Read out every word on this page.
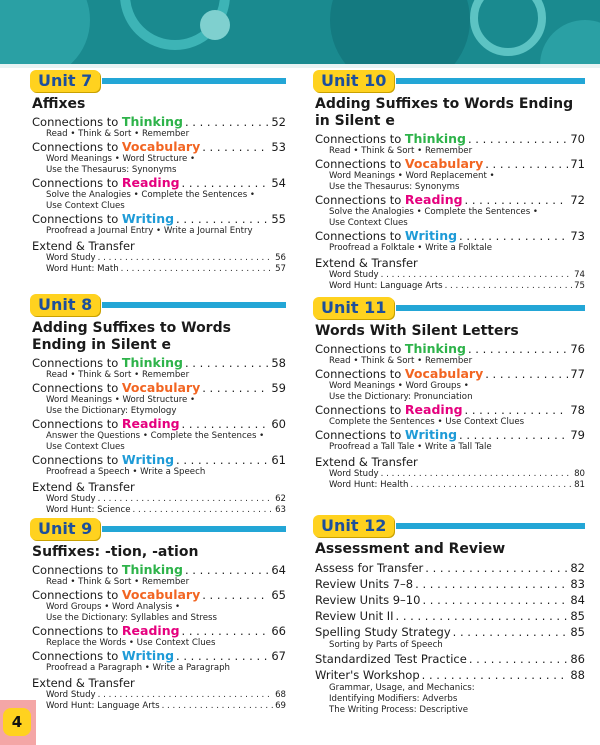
Unit 7
Affixes
Connections to Thinking . . .	52
Read • Think & Sort • Remember
Connections to Vocabulary . . .	53
Word Meanings • Word Structure •
Use the Thesaurus: Synonyms
Connections to Reading . . .	54
Solve the Analogies • Complete the Sentences •
Use Context Clues
Connections to Writing . . .	55
Proofread a Journal Entry • Write a Journal Entry
Extend & Transfer
Word Study . . .	56
Word Hunt: Math . . .	57
Unit 8
Adding Suffixes to Words Ending in Silent e
Connections to Thinking . . .	58
Read • Think & Sort • Remember
Connections to Vocabulary . . .	59
Word Meanings • Word Structure •
Use the Dictionary: Etymology
Connections to Reading . . .	60
Answer the Questions • Complete the Sentences •
Use Context Clues
Connections to Writing . . .	61
Proofread a Speech • Write a Speech
Extend & Transfer
Word Study . . .	62
Word Hunt: Science . . .	63
Unit 9
Suffixes: -tion, -ation
Connections to Thinking . . .	64
Read • Think & Sort • Remember
Connections to Vocabulary . . .	65
Word Groups • Word Analysis •
Use the Dictionary: Syllables and Stress
Connections to Reading . . .	66
Replace the Words • Use Context Clues
Connections to Writing . . .	67
Proofread a Paragraph • Write a Paragraph
Extend & Transfer
Word Study . . .	68
Word Hunt: Language Arts . . .	69
Unit 10
Adding Suffixes to Words Ending in Silent e
Connections to Thinking . . .	70
Read • Think & Sort • Remember
Connections to Vocabulary . . .	71
Word Meanings • Word Replacement •
Use the Thesaurus: Synonyms
Connections to Reading . . .	72
Solve the Analogies • Complete the Sentences •
Use Context Clues
Connections to Writing . . .	73
Proofread a Folktale • Write a Folktale
Extend & Transfer
Word Study . . .	74
Word Hunt: Language Arts . . .	75
Unit 11
Words With Silent Letters
Connections to Thinking . . .	76
Read • Think & Sort • Remember
Connections to Vocabulary . . .	77
Word Meanings • Word Groups •
Use the Dictionary: Pronunciation
Connections to Reading . . .	78
Complete the Sentences • Use Context Clues
Connections to Writing . . .	79
Proofread a Tall Tale • Write a Tall Tale
Extend & Transfer
Word Study . . .	80
Word Hunt: Health . . .	81
Unit 12
Assessment and Review
Assess for Transfer . . .	82
Review Units 7–8 . . .	83
Review Units 9–10 . . .	84
Review Unit II . . .	85
Spelling Study Strategy . . .	85
Sorting by Parts of Speech
Standardized Test Practice . . .	86
Writer's Workshop . . .	88
Grammar, Usage, and Mechanics:
Identifying Modifiers: Adverbs
The Writing Process: Descriptive
4
